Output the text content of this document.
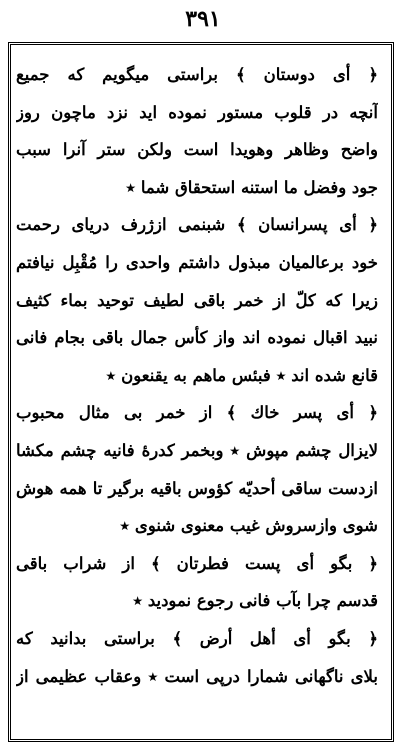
٣٩١
﴿ أی دوستان ﴾ براستی میگویم که جمیع
آنچه در قلوب مستور نموده اید نزد ماچون روز
واضح وظاهر وهویدا است ولکن ستر آنرا سبب
جود وفضل ما استنه استحقاق شما ٭
﴿ أی پسرانسان ﴾ شبنمی ازژرف دریای رحمت
خود برعالمیان مبذول داشتم واحدی را مُقْبِل نیافتم
زیرا که کلّ از خمر باقی لطیف توحید بماء کثیف
نبید اقبال نموده اند واز کأس جمال باقی بجام فانی
قانع شده اند ٭ فبئس ماهم به یقنعون ٭
﴿ أی پسر خاك ﴾ از خمر بی مثال محبوب
لایزال چشم مپوش ٭ وبخمر کدرهٔ فانیه چشم مکشا
ازدست ساقی أحدیّه کؤوس باقیه برگیر تا همه هوش
شوی وازسروش غیب معنوی شنوی ٭
﴿ بگو أی پست فطرتان ﴾ از شراب باقی
قدسم چرا بآب فانی رجوع نمودید ٭
﴿ بگو أی أهل أرض ﴾ براستی بدانید که
بلای ناگهانی شمارا درپی است ٭ وعقاب عظیمی از
